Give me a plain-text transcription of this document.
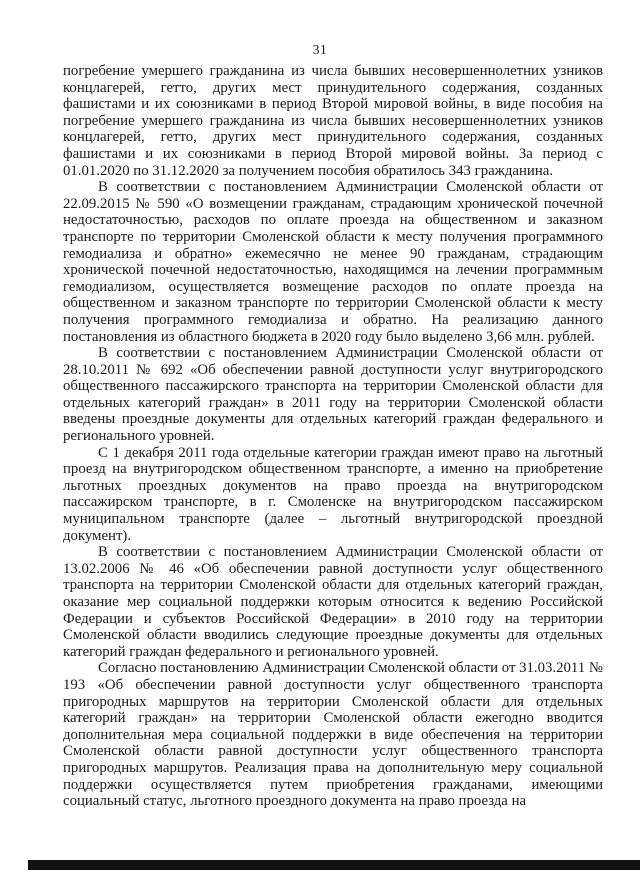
31

погребение умершего гражданина из числа бывших несовершеннолетних узников концлагерей, гетто, других мест принудительного содержания, созданных фашистами и их союзниками в период Второй мировой войны, в виде пособия на погребение умершего гражданина из числа бывших несовершеннолетних узников концлагерей, гетто, других мест принудительного содержания, созданных фашистами и их союзниками в период Второй мировой войны. За период с 01.01.2020 по 31.12.2020 за получением пособия обратилось 343 гражданина.

В соответствии с постановлением Администрации Смоленской области от 22.09.2015 № 590 «О возмещении гражданам, страдающим хронической почечной недостаточностью, расходов по оплате проезда на общественном и заказном транспорте по территории Смоленской области к месту получения программного гемодиализа и обратно» ежемесячно не менее 90 гражданам, страдающим хронической почечной недостаточностью, находящимся на лечении программным гемодиализом, осуществляется возмещение расходов по оплате проезда на общественном и заказном транспорте по территории Смоленской области к месту получения программного гемодиализа и обратно. На реализацию данного постановления из областного бюджета в 2020 году было выделено 3,66 млн. рублей.

В соответствии с постановлением Администрации Смоленской области от 28.10.2011 № 692 «Об обеспечении равной доступности услуг внутригородского общественного пассажирского транспорта на территории Смоленской области для отдельных категорий граждан» в 2011 году на территории Смоленской области введены проездные документы для отдельных категорий граждан федерального и регионального уровней.

С 1 декабря 2011 года отдельные категории граждан имеют право на льготный проезд на внутригородском общественном транспорте, а именно на приобретение льготных проездных документов на право проезда на внутригородском пассажирском транспорте, в г. Смоленске на внутригородском пассажирском муниципальном транспорте (далее – льготный внутригородской проездной документ).

В соответствии с постановлением Администрации Смоленской области от 13.02.2006 № 46 «Об обеспечении равной доступности услуг общественного транспорта на территории Смоленской области для отдельных категорий граждан, оказание мер социальной поддержки которым относится к ведению Российской Федерации и субъектов Российской Федерации» в 2010 году на территории Смоленской области вводились следующие проездные документы для отдельных категорий граждан федерального и регионального уровней.

Согласно постановлению Администрации Смоленской области от 31.03.2011 № 193 «Об обеспечении равной доступности услуг общественного транспорта пригородных маршрутов на территории Смоленской области для отдельных категорий граждан» на территории Смоленской области ежегодно вводится дополнительная мера социальной поддержки в виде обеспечения на территории Смоленской области равной доступности услуг общественного транспорта пригородных маршрутов. Реализация права на дополнительную меру социальной поддержки осуществляется путем приобретения гражданами, имеющими социальный статус, льготного проездного документа на право проезда на
